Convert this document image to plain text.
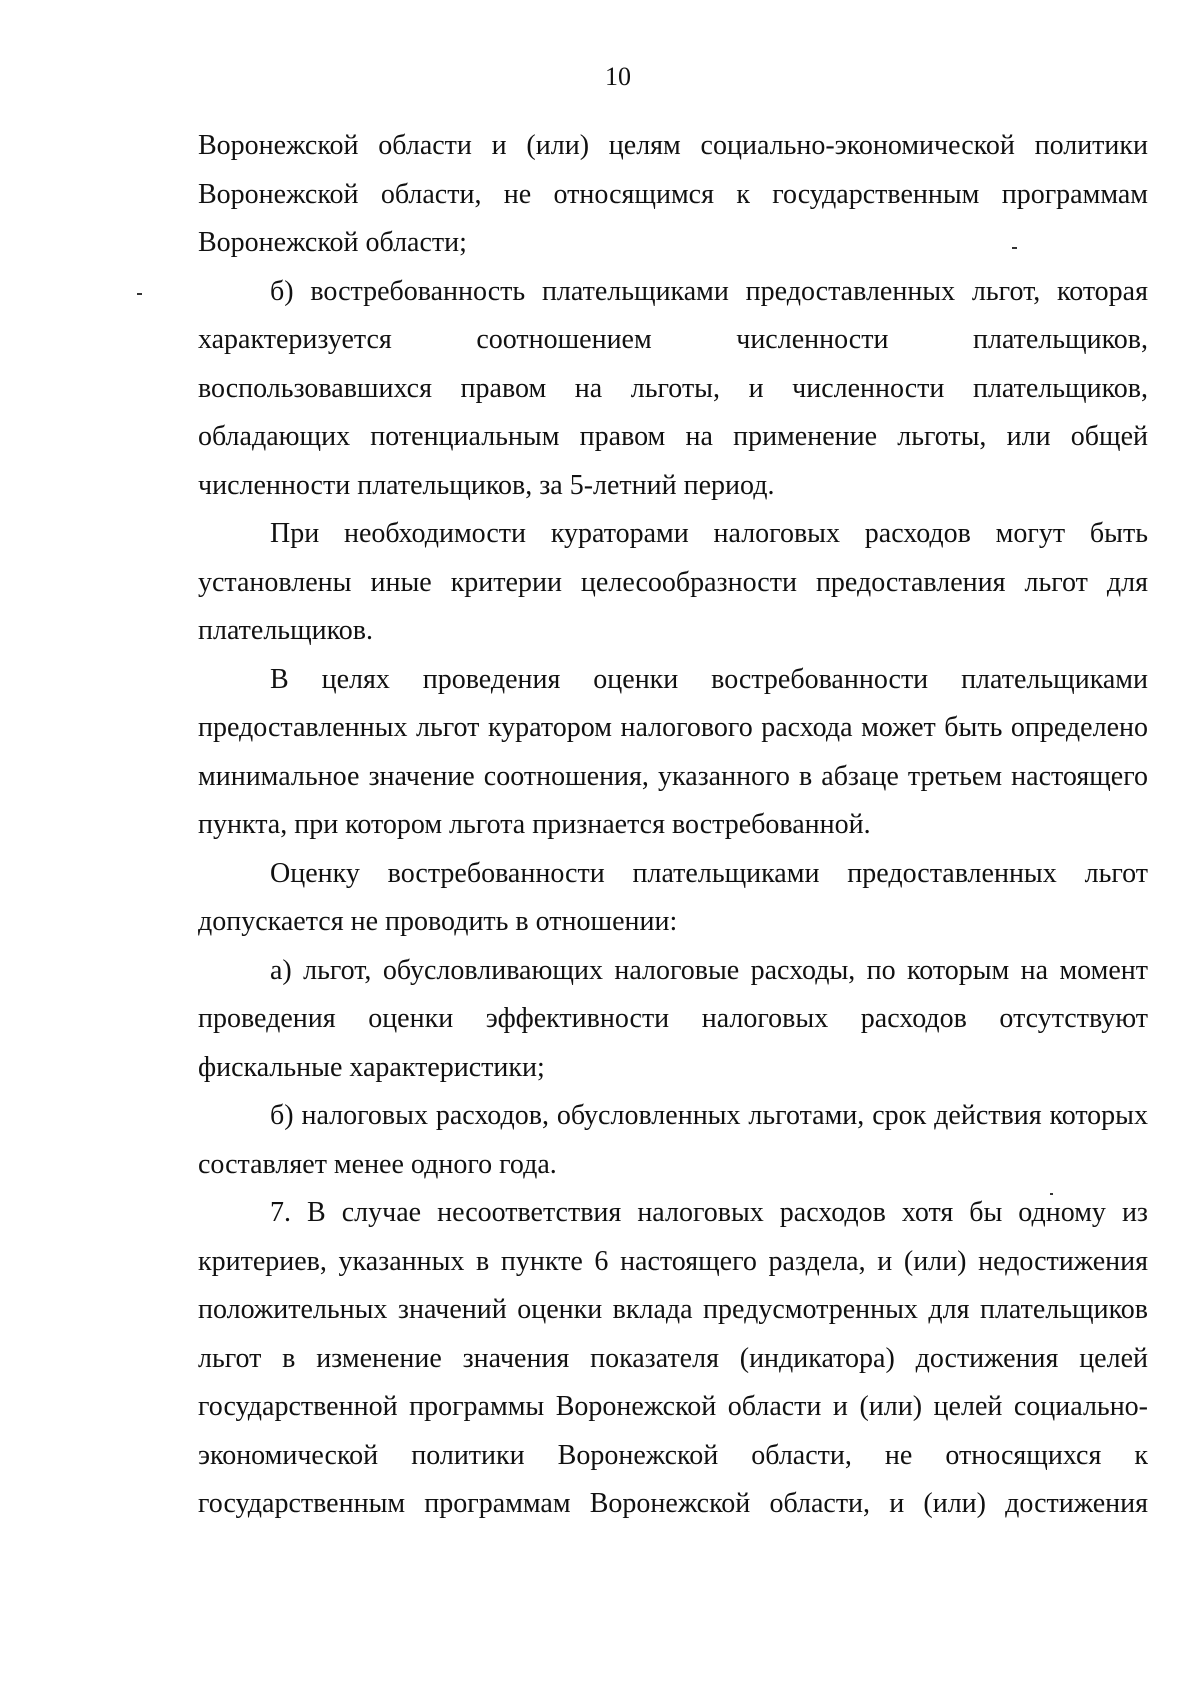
10

Воронежской области и (или) целям социально-экономической политики Воронежской области, не относящимся к государственным программам Воронежской области;

б) востребованность плательщиками предоставленных льгот, которая характеризуется соотношением численности плательщиков, воспользовавшихся правом на льготы, и численности плательщиков, обладающих потенциальным правом на применение льготы, или общей численности плательщиков, за 5-летний период.

При необходимости кураторами налоговых расходов могут быть установлены иные критерии целесообразности предоставления льгот для плательщиков.

В целях проведения оценки востребованности плательщиками предоставленных льгот куратором налогового расхода может быть определено минимальное значение соотношения, указанного в абзаце третьем настоящего пункта, при котором льгота признается востребованной.

Оценку востребованности плательщиками предоставленных льгот допускается не проводить в отношении:

а) льгот, обусловливающих налоговые расходы, по которым на момент проведения оценки эффективности налоговых расходов отсутствуют фискальные характеристики;

б) налоговых расходов, обусловленных льготами, срок действия которых составляет менее одного года.

7. В случае несоответствия налоговых расходов хотя бы одному из критериев, указанных в пункте 6 настоящего раздела, и (или) недостижения положительных значений оценки вклада предусмотренных для плательщиков льгот в изменение значения показателя (индикатора) достижения целей государственной программы Воронежской области и (или) целей социально-экономической политики Воронежской области, не относящихся к государственным программам Воронежской области, и (или) достижения
